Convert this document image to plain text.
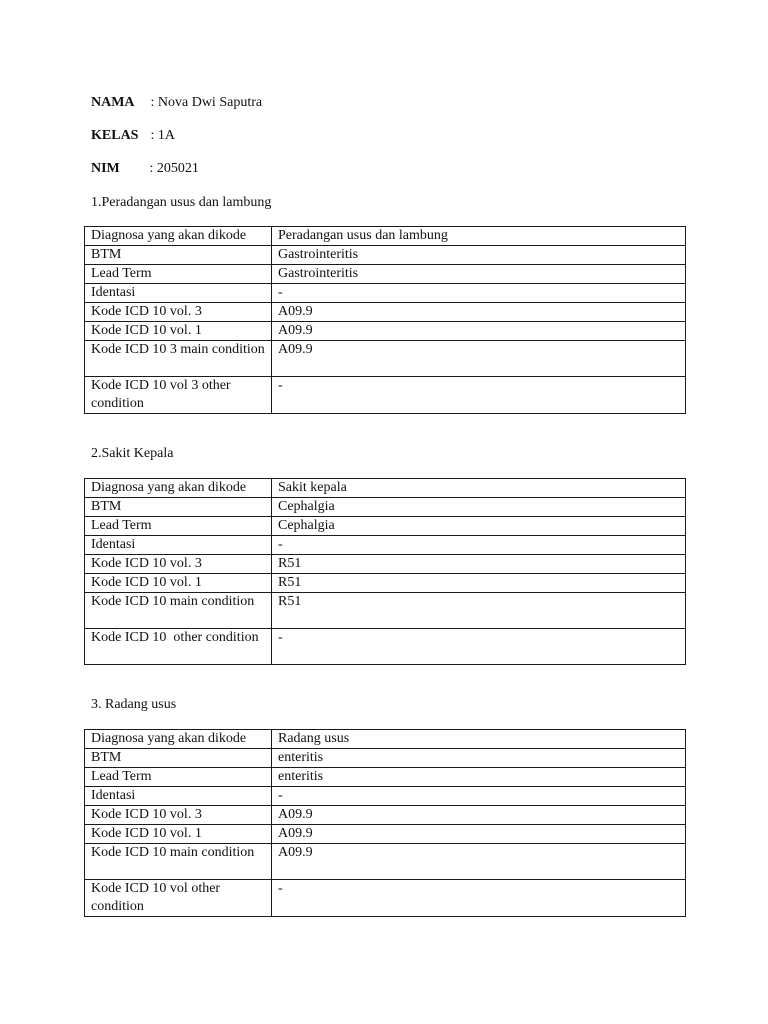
NAMA : Nova Dwi Saputra
KELAS : 1A
NIM : 205021
1.Peradangan usus dan lambung
Diagnosa yang akan dikode	Peradangan usus dan lambung
BTM	Gastrointeritis
Lead Term	Gastrointeritis
Identasi	-
Kode ICD 10 vol. 3	A09.9
Kode ICD 10 vol. 1	A09.9
Kode ICD 10 3 main condition	A09.9
Kode ICD 10 vol 3 other condition	-
2.Sakit Kepala
Diagnosa yang akan dikode	Sakit kepala
BTM	Cephalgia
Lead Term	Cephalgia
Identasi	-
Kode ICD 10 vol. 3	R51
Kode ICD 10 vol. 1	R51
Kode ICD 10 main condition	R51
Kode ICD 10  other condition	-
3. Radang usus
Diagnosa yang akan dikode	Radang usus
BTM	enteritis
Lead Term	enteritis
Identasi	-
Kode ICD 10 vol. 3	A09.9
Kode ICD 10 vol. 1	A09.9
Kode ICD 10 main condition	A09.9
Kode ICD 10 vol other condition	-
